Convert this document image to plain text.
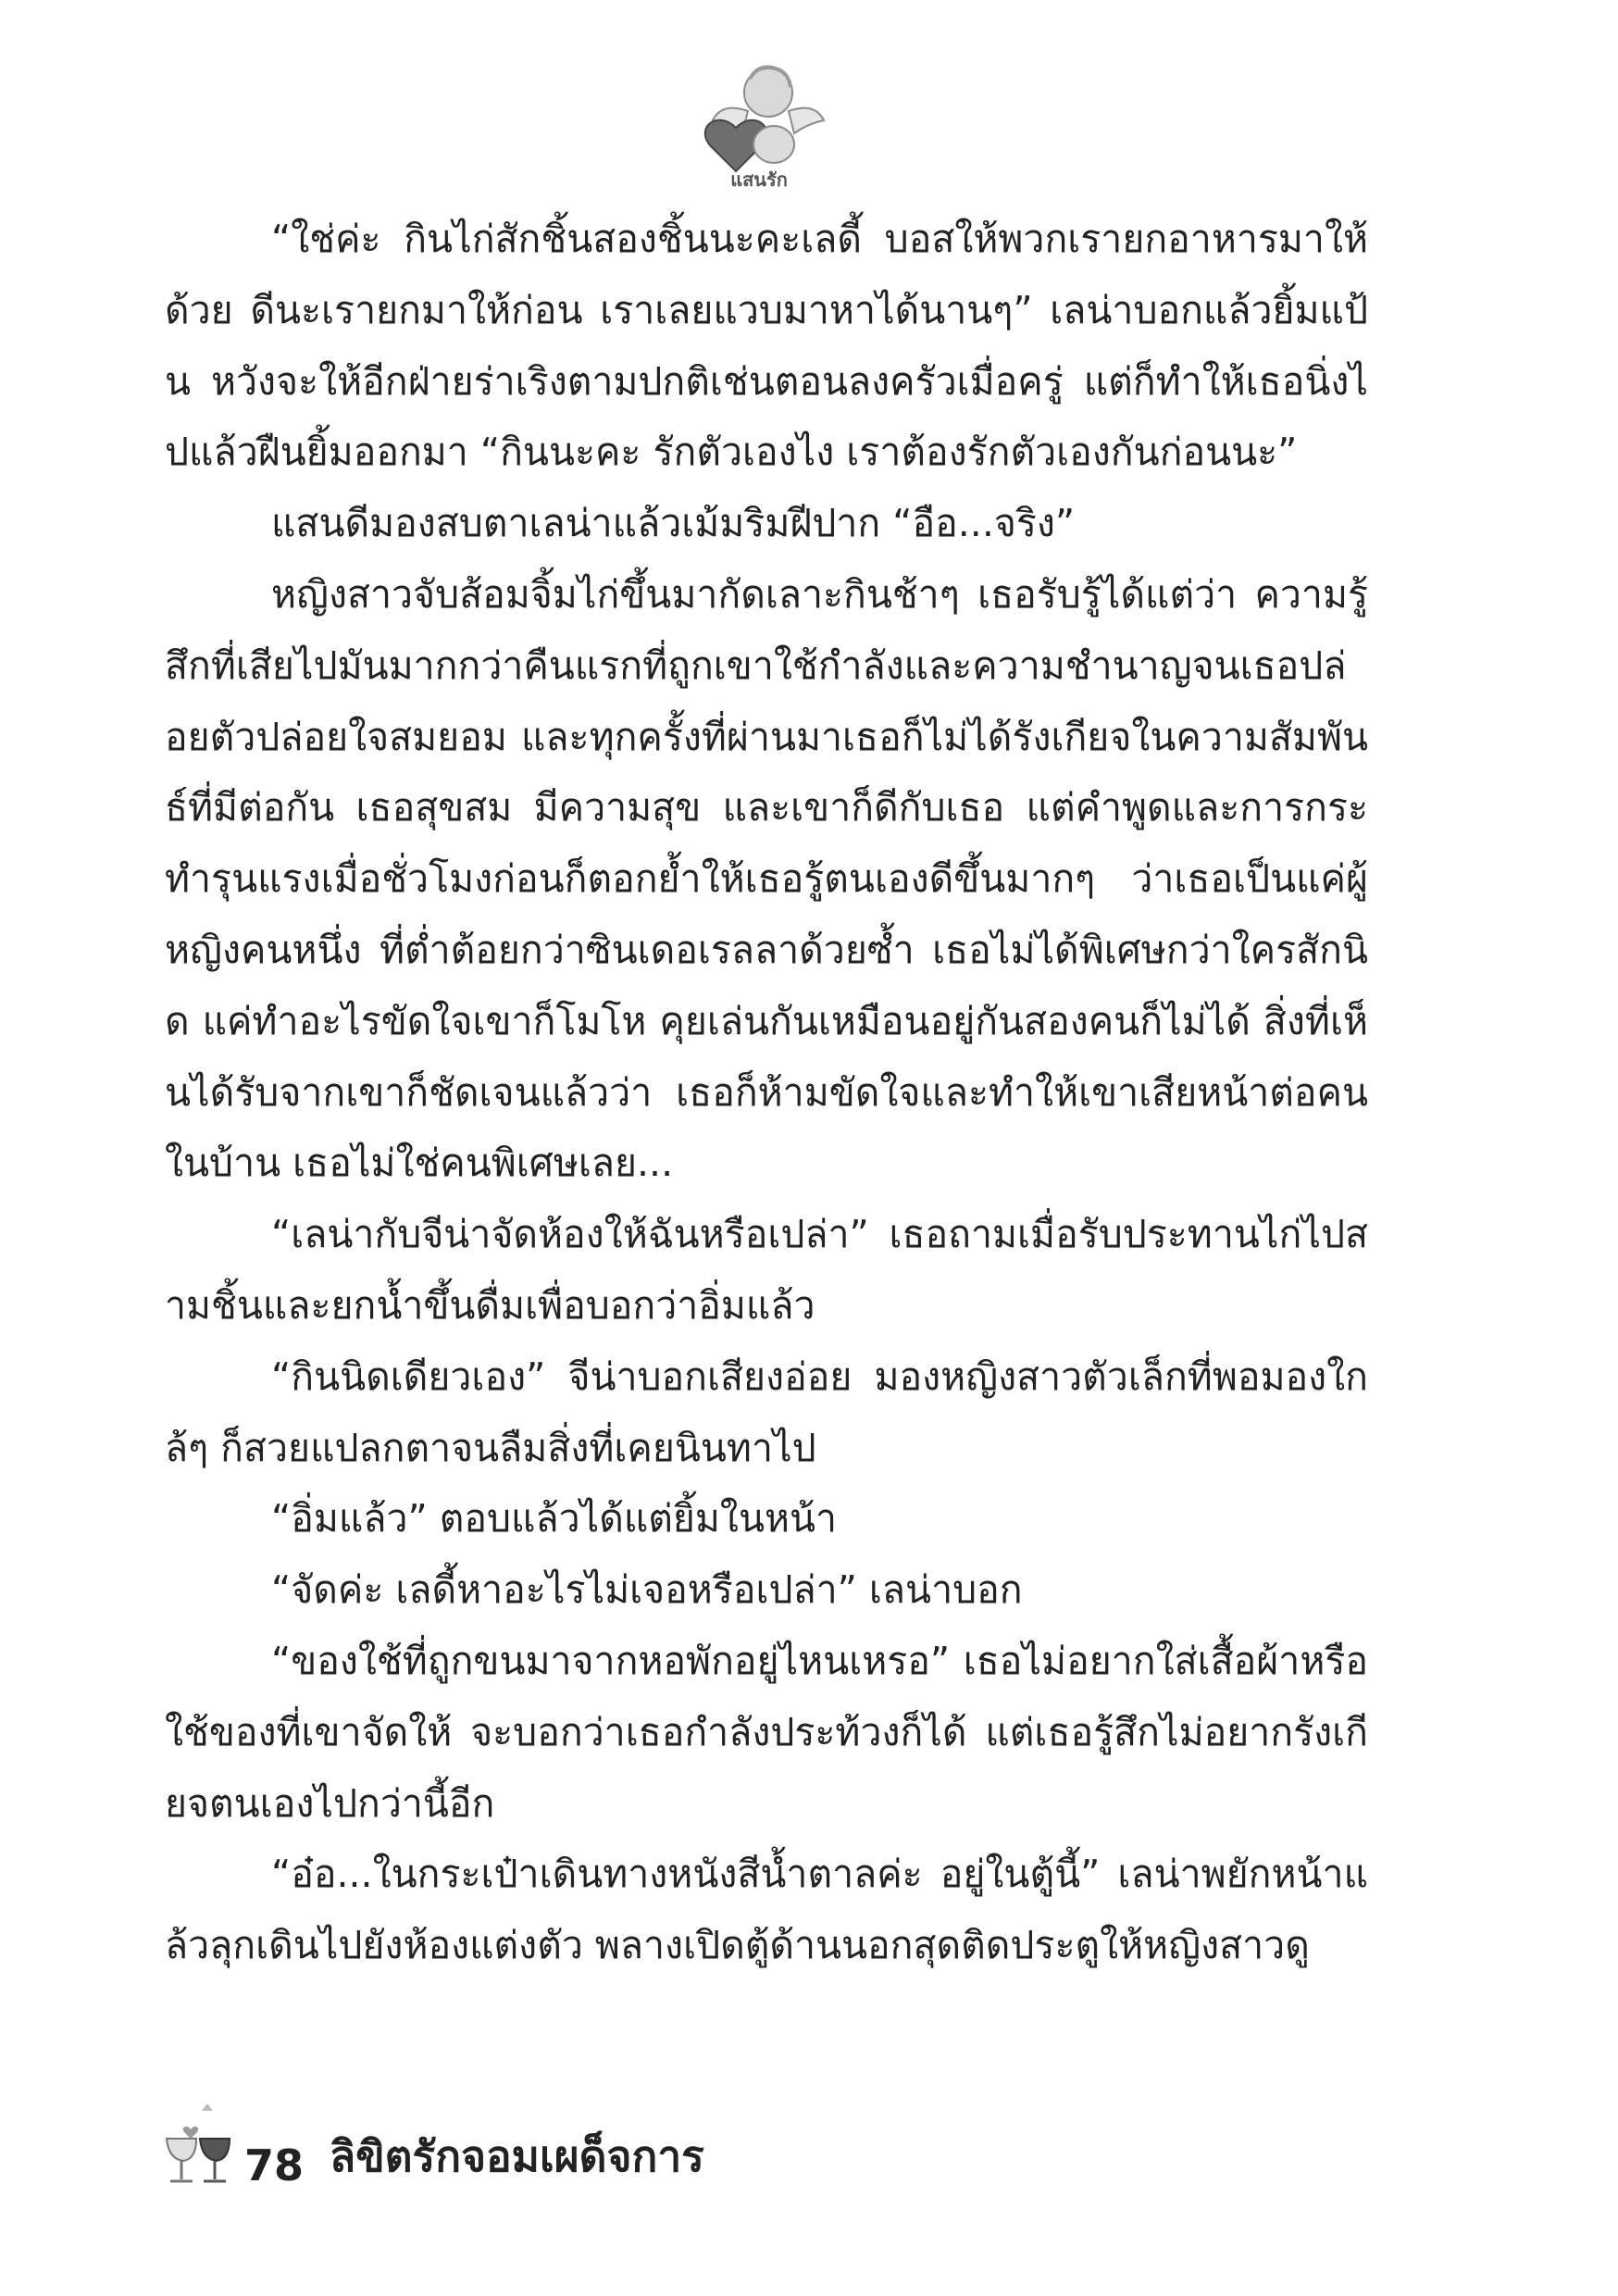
แสนรัก

“ใช่ค่ะ กินไก่สักชิ้นสองชิ้นนะคะเลดี้ บอสให้พวกเรายกอาหารมาให้ด้วย ดีนะเรายกมาให้ก่อน เราเลยแวบมาหาได้นานๆ” เลน่าบอกแล้วยิ้มแป้น หวังจะให้อีกฝ่ายร่าเริงตามปกติเช่นตอนลงครัวเมื่อครู่ แต่ก็ทำให้เธอนิ่งไปแล้วฝืนยิ้มออกมา “กินนะคะ รักตัวเองไง เราต้องรักตัวเองกันก่อนนะ”

แสนดีมองสบตาเลน่าแล้วเม้มริมฝีปาก “อือ...จริง”

หญิงสาวจับส้อมจิ้มไก่ขึ้นมากัดเลาะกินช้าๆ เธอรับรู้ได้แต่ว่า ความรู้สึกที่เสียไปมันมากกว่าคืนแรกที่ถูกเขาใช้กำลังและความชำนาญจนเธอปล่อยตัวปล่อยใจสมยอม และทุกครั้งที่ผ่านมาเธอก็ไม่ได้รังเกียจในความสัมพันธ์ที่มีต่อกัน เธอสุขสม มีความสุข และเขาก็ดีกับเธอ แต่คำพูดและการกระทำรุนแรงเมื่อชั่วโมงก่อนก็ตอกย้ำให้เธอรู้ตนเองดีขึ้นมากๆ ว่าเธอเป็นแค่ผู้หญิงคนหนึ่ง ที่ต่ำต้อยกว่าซินเดอเรลลาด้วยซ้ำ เธอไม่ได้พิเศษกว่าใครสักนิด แค่ทำอะไรขัดใจเขาก็โมโห คุยเล่นกันเหมือนอยู่กันสองคนก็ไม่ได้ สิ่งที่เห็นได้รับจากเขาก็ชัดเจนแล้วว่า เธอก็ห้ามขัดใจและทำให้เขาเสียหน้าต่อคนในบ้าน เธอไม่ใช่คนพิเศษเลย...

“เลน่ากับจีน่าจัดห้องให้ฉันหรือเปล่า” เธอถามเมื่อรับประทานไก่ไปสามชิ้นและยกน้ำขึ้นดื่มเพื่อบอกว่าอิ่มแล้ว

“กินนิดเดียวเอง” จีน่าบอกเสียงอ่อย มองหญิงสาวตัวเล็กที่พอมองใกล้ๆ ก็สวยแปลกตาจนลืมสิ่งที่เคยนินทาไป

“อิ่มแล้ว” ตอบแล้วได้แต่ยิ้มในหน้า

“จัดค่ะ เลดี้หาอะไรไม่เจอหรือเปล่า” เลน่าบอก

“ของใช้ที่ถูกขนมาจากหอพักอยู่ไหนเหรอ” เธอไม่อยากใส่เสื้อผ้าหรือใช้ของที่เขาจัดให้ จะบอกว่าเธอกำลังประท้วงก็ได้ แต่เธอรู้สึกไม่อยากรังเกียจตนเองไปกว่านี้อีก

“อ๋อ...ในกระเป๋าเดินทางหนังสีน้ำตาลค่ะ อยู่ในตู้นี้” เลน่าพยักหน้าแล้วลุกเดินไปยังห้องแต่งตัว พลางเปิดตู้ด้านนอกสุดติดประตูให้หญิงสาวดู

78 ลิขิตรักจอมเผด็จการ
